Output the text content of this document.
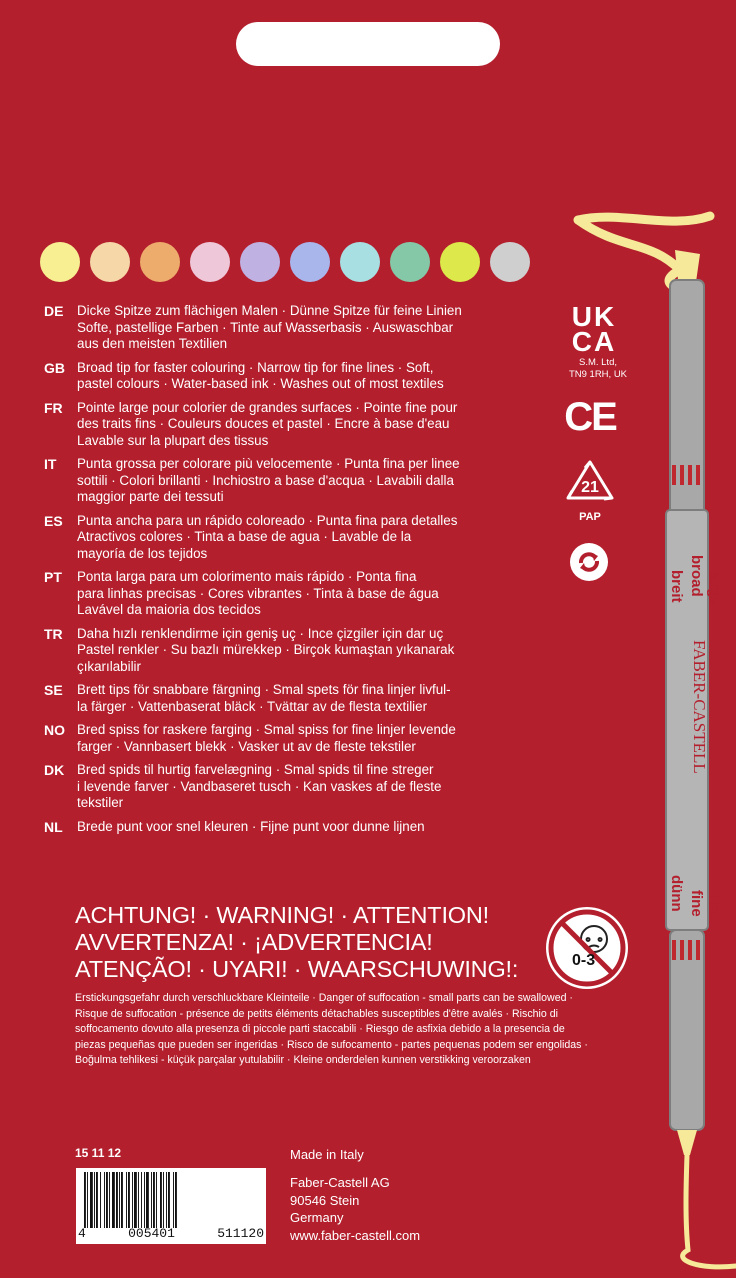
DE	Dicke Spitze zum flächigen Malen · Dünne Spitze für feine Linien
Softe, pastellige Farben · Tinte auf Wasserbasis · Auswaschbar
aus den meisten Textilien
GB Broad tip for faster colouring · Narrow tip for fine lines · Soft,
pastel colours · Water-based ink · Washes out of most textiles
FR	Pointe large pour colorier de grandes surfaces · Pointe fine pour
des traits fins · Couleurs douces et pastel · Encre à base d'eau
Lavable sur la plupart des tissus
IT	Punta grossa per colorare più velocemente · Punta fina per linee
sottili · Colori brillanti · Inchiostro a base d'acqua · Lavabili dalla
maggior parte dei tessuti
ES	Punta ancha para un rápido coloreado · Punta fina para detalles
Atractivos colores · Tinta a base de agua · Lavable de la
mayoría de los tejidos
PT	Ponta larga para um colorimento mais rápido · Ponta fina
para linhas precisas · Cores vibrantes · Tinta à base de água
Lavável da maioria dos tecidos
TR	Daha hızlı renklendirme için geniş uç · Ince çizgiler için dar uç
Pastel renkler · Su bazlı mürekkep · Birçok kumaştan yıkanarak
çıkarılabilir
SE	Brett tips för snabbare färgning · Smal spets för fina linjer livful-
la färger · Vattenbaserat bläck · Tvättar av de flesta textilier
NO Bred spiss for raskere farging · Smal spiss for fine linjer levende
farger · Vannbasert blekk · Vasker ut av de fleste tekstiler
DK Bred spids til hurtig farvelægning · Smal spids til fine streger
i levende farver · Vandbaseret tusch · Kan vaskes af de fleste
tekstiler
NL	Brede punt voor snel kleuren · Fijne punt voor dunne lijnen
UK
CA
S.M. Ltd,
TN9 1RH, UK
CE
21
PAP
breit broad large
FABER-CASTELL
dünn fine fin
ACHTUNG! · WARNING! · ATTENTION!
AVVERTENZA! · ¡ADVERTENCIA!
ATENÇÃO! · UYARI! · WAARSCHUWING!:
Erstickungsgefahr durch verschluckbare Kleinteile · Danger of suffocation - small parts can be swallowed · Risque de suffocation - présence de petits éléments détachables susceptibles d'être avalés · Rischio di soffocamento dovuto alla presenza di piccole parti staccabili · Riesgo de asfixia debido a la presencia de piezas pequeñas que pueden ser ingeridas · Risco de sufocamento - partes pequenas podem ser engolidas · Boğulma tehlikesi - küçük parçalar yutulabilir · Kleine onderdelen kunnen verstikking veroorzaken
0-3
15 11 12
4	005401	511120
Made in Italy
Faber-Castell AG
90546 Stein
Germany
www.faber-castell.com
